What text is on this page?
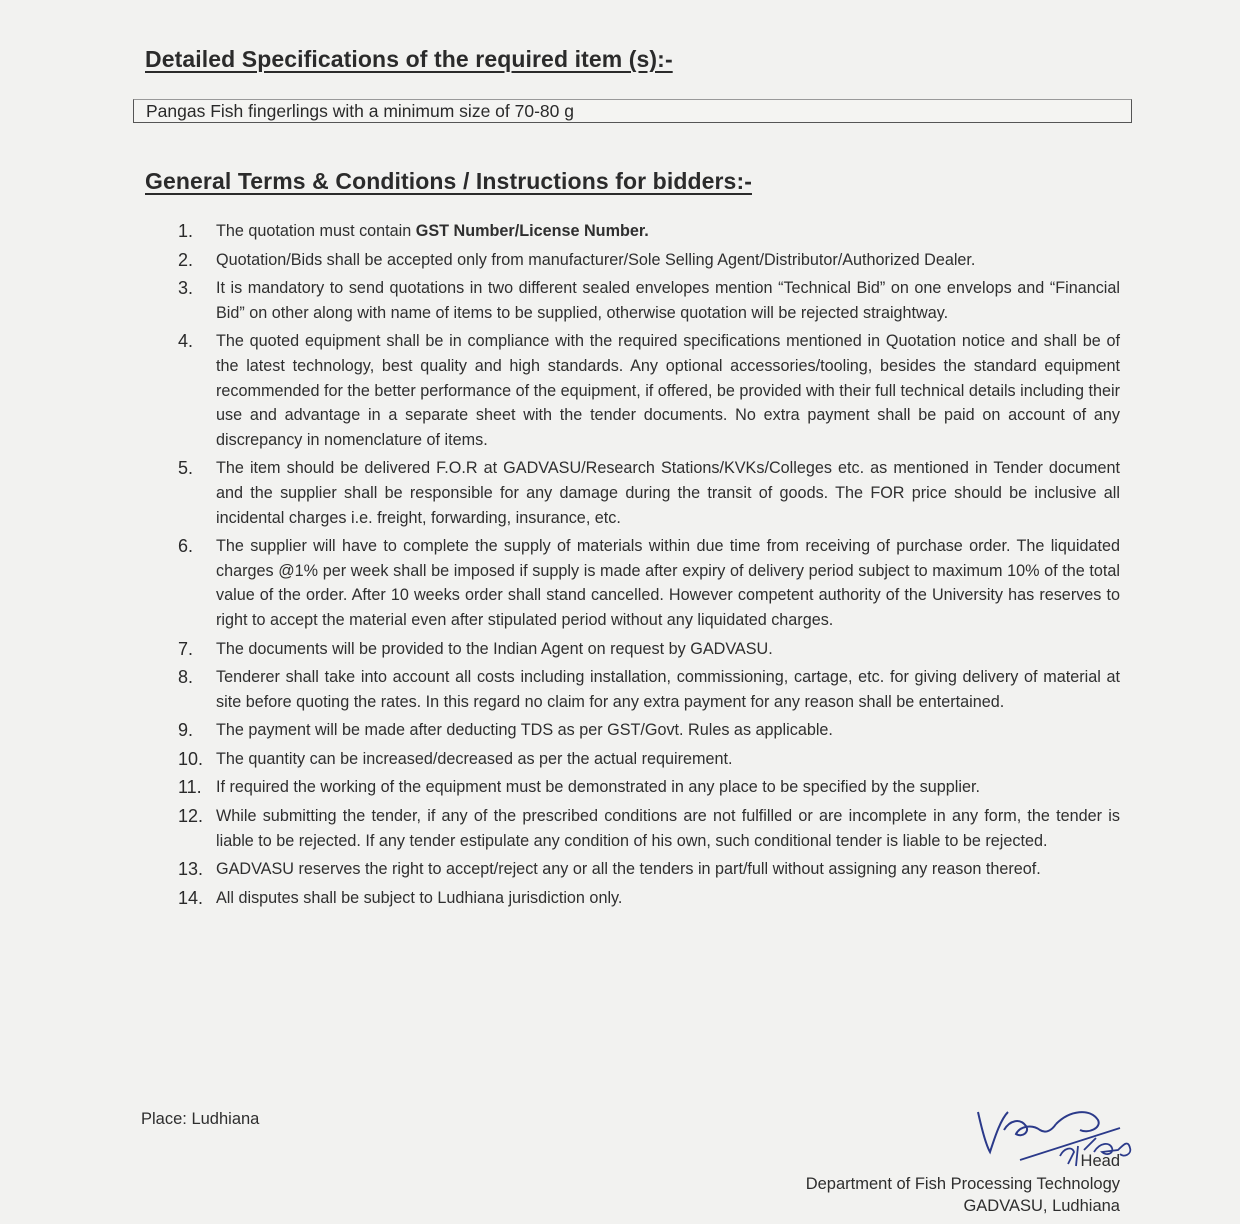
Detailed Specifications of the required item (s):-
Pangas Fish fingerlings with a minimum size of 70-80 g
General Terms & Conditions / Instructions for bidders:-
1. The quotation must contain GST Number/License Number.
2. Quotation/Bids shall be accepted only from manufacturer/Sole Selling Agent/Distributor/Authorized Dealer.
3. It is mandatory to send quotations in two different sealed envelopes mention “Technical Bid” on one envelops and “Financial Bid” on other along with name of items to be supplied, otherwise quotation will be rejected straightway.
4. The quoted equipment shall be in compliance with the required specifications mentioned in Quotation notice and shall be of the latest technology, best quality and high standards. Any optional accessories/tooling, besides the standard equipment recommended for the better performance of the equipment, if offered, be provided with their full technical details including their use and advantage in a separate sheet with the tender documents. No extra payment shall be paid on account of any discrepancy in nomenclature of items.
5. The item should be delivered F.O.R at GADVASU/Research Stations/KVKs/Colleges etc. as mentioned in Tender document and the supplier shall be responsible for any damage during the transit of goods. The FOR price should be inclusive all incidental charges i.e. freight, forwarding, insurance, etc.
6. The supplier will have to complete the supply of materials within due time from receiving of purchase order. The liquidated charges @1% per week shall be imposed if supply is made after expiry of delivery period subject to maximum 10% of the total value of the order. After 10 weeks order shall stand cancelled. However competent authority of the University has reserves to right to accept the material even after stipulated period without any liquidated charges.
7. The documents will be provided to the Indian Agent on request by GADVASU.
8. Tenderer shall take into account all costs including installation, commissioning, cartage, etc. for giving delivery of material at site before quoting the rates. In this regard no claim for any extra payment for any reason shall be entertained.
9. The payment will be made after deducting TDS as per GST/Govt. Rules as applicable.
10. The quantity can be increased/decreased as per the actual requirement.
11. If required the working of the equipment must be demonstrated in any place to be specified by the supplier.
12. While submitting the tender, if any of the prescribed conditions are not fulfilled or are incomplete in any form, the tender is liable to be rejected. If any tender estipulate any condition of his own, such conditional tender is liable to be rejected.
13. GADVASU reserves the right to accept/reject any or all the tenders in part/full without assigning any reason thereof.
14. All disputes shall be subject to Ludhiana jurisdiction only.
Place: Ludhiana
Head
Department of Fish Processing Technology
GADVASU, Ludhiana
